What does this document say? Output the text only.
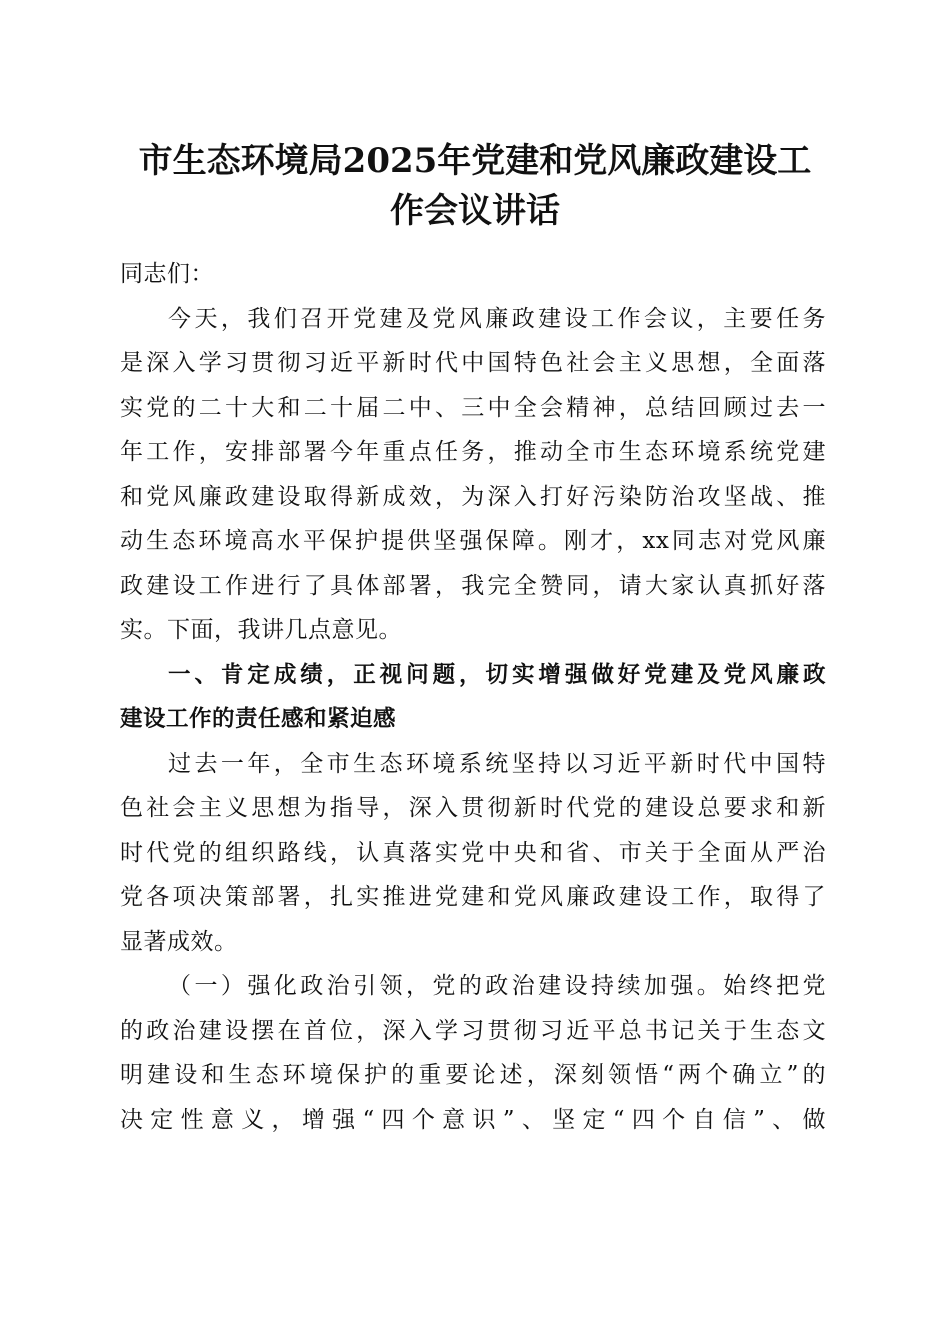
市生态环境局2025年党建和党风廉政建设工
作会议讲话
同志们：
今天，我们召开党建及党风廉政建设工作会议，主要任务
是深入学习贯彻习近平新时代中国特色社会主义思想，全面落
实党的二十大和二十届二中、三中全会精神，总结回顾过去一
年工作，安排部署今年重点任务，推动全市生态环境系统党建
和党风廉政建设取得新成效，为深入打好污染防治攻坚战、推
动生态环境高水平保护提供坚强保障。刚才，xx同志对党风廉
政建设工作进行了具体部署，我完全赞同，请大家认真抓好落
实。下面，我讲几点意见。
一、肯定成绩，正视问题，切实增强做好党建及党风廉政
建设工作的责任感和紧迫感
过去一年，全市生态环境系统坚持以习近平新时代中国特
色社会主义思想为指导，深入贯彻新时代党的建设总要求和新
时代党的组织路线，认真落实党中央和省、市关于全面从严治
党各项决策部署，扎实推进党建和党风廉政建设工作，取得了
显著成效。
（一）强化政治引领，党的政治建设持续加强。始终把党
的政治建设摆在首位，深入学习贯彻习近平总书记关于生态文
明建设和生态环境保护的重要论述，深刻领悟“两个确立”的
决定性意义，增强“四个意识”、坚定“四个自信”、做
